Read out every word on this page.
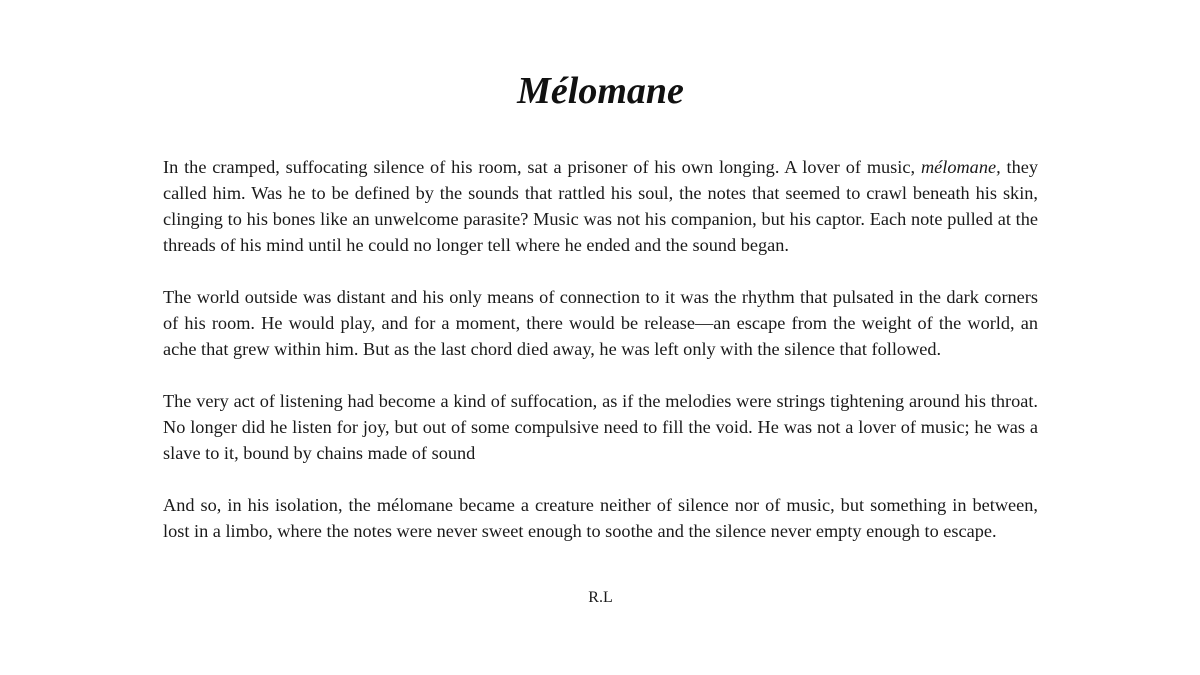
Mélomane

In the cramped, suffocating silence of his room, sat a prisoner of his own longing. A lover of music, mélomane, they called him. Was he to be defined by the sounds that rattled his soul, the notes that seemed to crawl beneath his skin, clinging to his bones like an unwelcome parasite? Music was not his companion, but his captor. Each note pulled at the threads of his mind until he could no longer tell where he ended and the sound began.

The world outside was distant and his only means of connection to it was the rhythm that pulsated in the dark corners of his room. He would play, and for a moment, there would be release—an escape from the weight of the world, an ache that grew within him. But as the last chord died away, he was left only with the silence that followed.

The very act of listening had become a kind of suffocation, as if the melodies were strings tightening around his throat. No longer did he listen for joy, but out of some compulsive need to fill the void. He was not a lover of music; he was a slave to it, bound by chains made of sound

And so, in his isolation, the mélomane became a creature neither of silence nor of music, but something in between, lost in a limbo, where the notes were never sweet enough to soothe and the silence never empty enough to escape.

R.L
